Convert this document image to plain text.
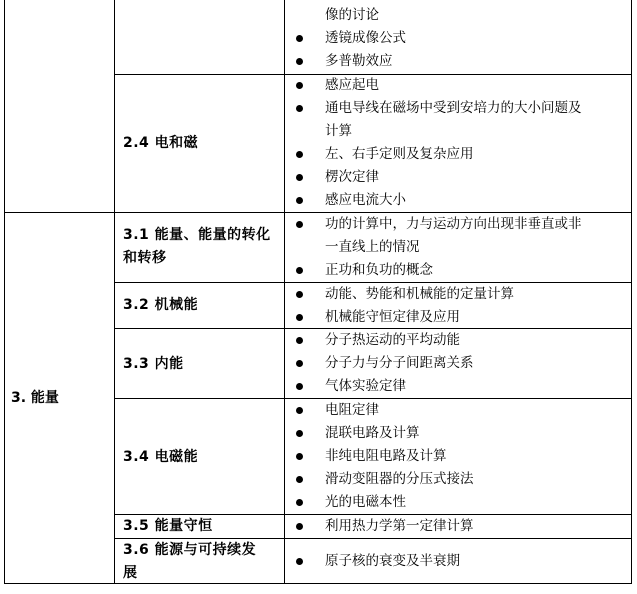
像的讨论
透镜成像公式
多普勒效应
2.4 电和磁
感应起电
通电导线在磁场中受到安培力的大小问题及
计算
左、右手定则及复杂应用
楞次定律
感应电流大小
3. 能量
3.1 能量、能量的转化
和转移
功的计算中，力与运动方向出现非垂直或非
一直线上的情况
正功和负功的概念
3.2 机械能
动能、势能和机械能的定量计算
机械能守恒定律及应用
3.3 内能
分子热运动的平均动能
分子力与分子间距离关系
气体实验定律
3.4 电磁能
电阻定律
混联电路及计算
非纯电阻电路及计算
滑动变阻器的分压式接法
光的电磁本性
3.5 能量守恒	利用热力学第一定律计算
3.6 能源与可持续发
展
原子核的衰变及半衰期
